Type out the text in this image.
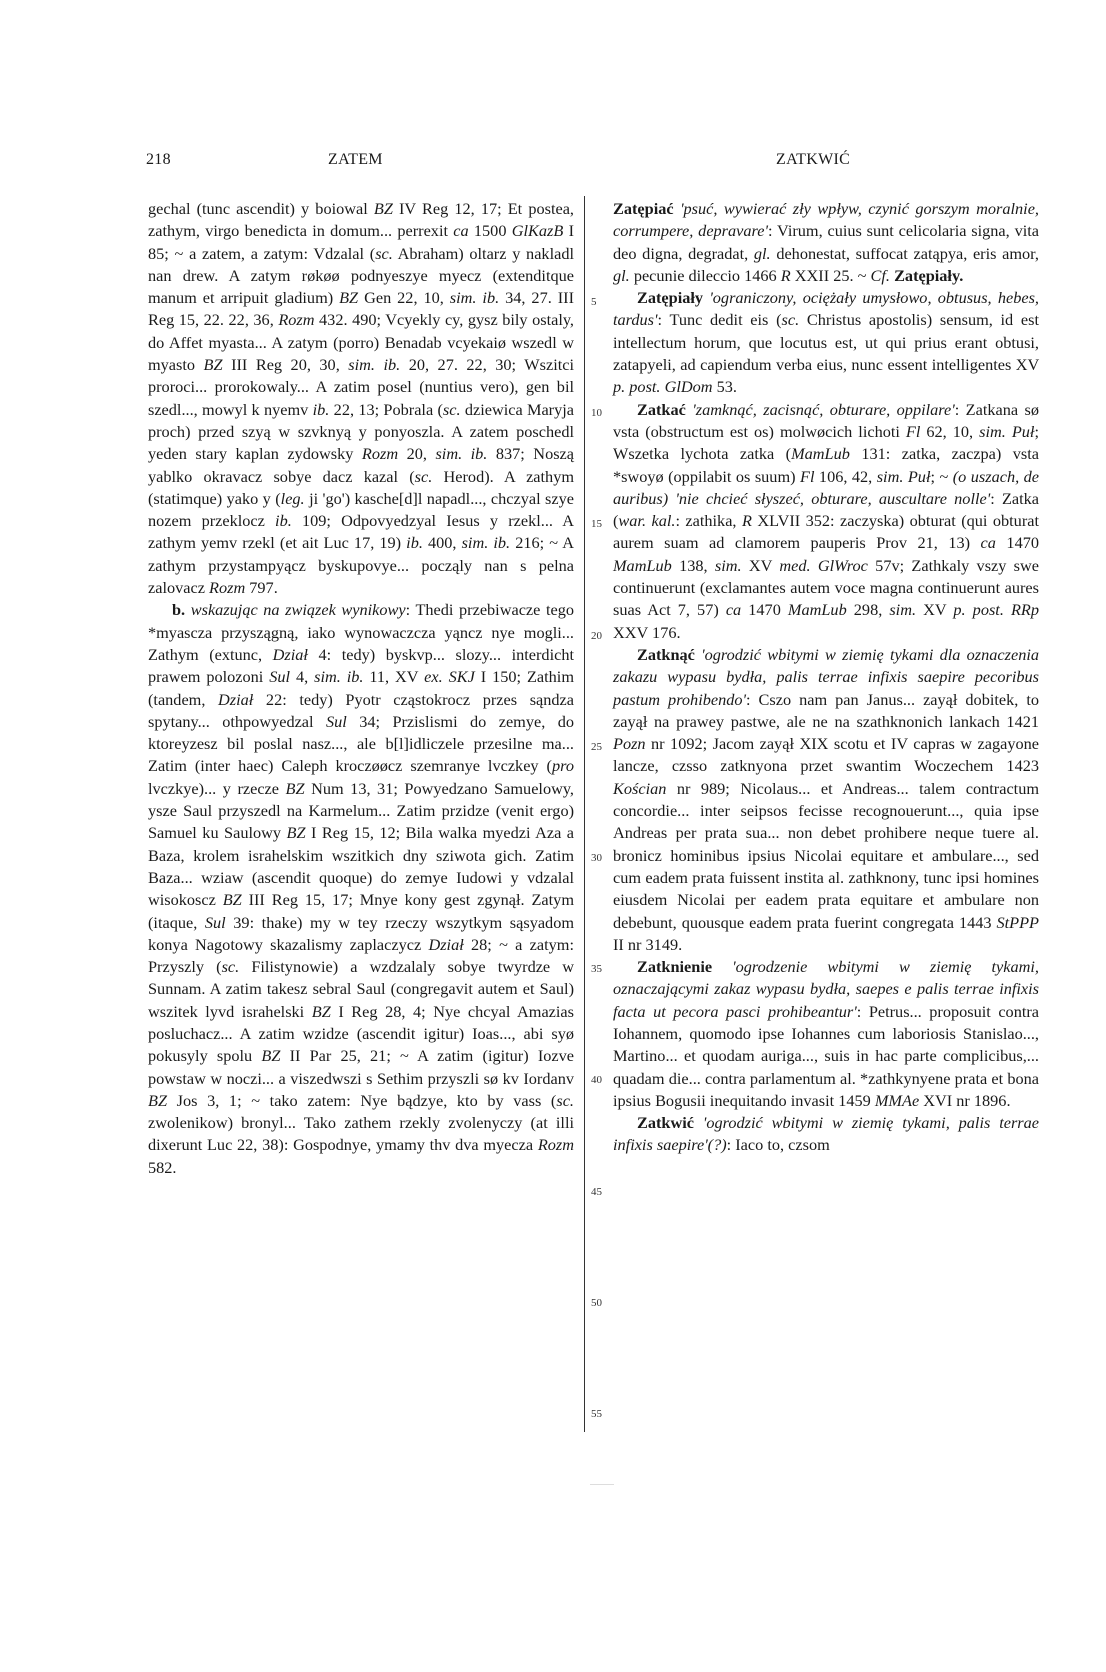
218	ZATEM	ZATKWIĆ
5
10
15
20
25
30
35
40
45
50
55

gechal (tunc ascendit) y boiowal BZ IV Reg 12, 17; Et postea, zathym, virgo benedicta in domum... perrexit ca 1500 GlKazB I 85; ~ a zatem, a zatym: Vdzalal (sc. Abraham) oltarz y nakladl nan drew. A zatym røkøø podnyeszye myecz (extenditque manum et arripuit gladium) BZ Gen 22, 10, sim. ib. 34, 27. III Reg 15, 22. 22, 36, Rozm 432. 490; Vcyekly cy, gysz bily ostaly, do Affet myasta... A zatym (porro) Benadab vcyekaiø wszedl w myasto BZ III Reg 20, 30, sim. ib. 20, 27. 22, 30; Wszitci proroci... prorokowaly... A zatim posel (nuntius vero), gen bil szedl..., mowyl k nyemv ib. 22, 13; Pobrala (sc. dziewica Maryja proch) przed szyą w szvknyą y ponyoszla. A zatem poschedl yeden stary kaplan zydowsky Rozm 20, sim. ib. 837; Noszą yablko okravacz sobye dacz kazal (sc. Herod). A zathym (statimque) yako y (leg. ji 'go') kasche[d]l napadl..., chczyal szye nozem przeklocz ib. 109; Odpovyedzyal Iesus y rzekl... A zathym yemv rzekl (et ait Luc 17, 19) ib. 400, sim. ib. 216; ~ A zathym przystampyącz byskupovye... począly nan s pelna zalovacz Rozm 797.

b. wskazując na związek wynikowy: Thedi przebiwacze tego *myascza przyszągną, iako wynowaczcza yąncz nye mogli... Zathym (extunc, Dział 4: tedy) byskvp... slozy... interdicht prawem polozoni Sul 4, sim. ib. 11, XV ex. SKJ I 150; Zathim (tandem, Dział 22: tedy) Pyotr cząstokrocz przes sąndza spytany... othpowyedzal Sul 34; Przislismi do zemye, do ktoreyzesz bil poslal nasz..., ale b[l]idliczele przesilne ma... Zatim (inter haec) Caleph kroczøøcz szemranye lvczkey (pro lvczkye)... y rzecze BZ Num 13, 31; Powyedzano Samuelowy, ysze Saul przyszedl na Karmelum... Zatim przidze (venit ergo) Samuel ku Saulowy BZ I Reg 15, 12; Bila walka myedzi Aza a Baza, krolem israhelskim wszitkich dny sziwota gich. Zatim Baza... wziaw (ascendit quoque) do zemye Iudowi y vdzalal wisokoscz BZ III Reg 15, 17; Mnye kony gest zgynął. Zatym (itaque, Sul 39: thake) my w tey rzeczy wszytkym sąsyadom konya Nagotowy skazalismy zaplaczycz Dział 28; ~ a zatym: Przyszly (sc. Filistynowie) a wzdzalaly sobye twyrdze w Sunnam. A zatim takesz sebral Saul (congregavit autem et Saul) wszitek lyvd israhelski BZ I Reg 28, 4; Nye chcyal Amazias posluchacz... A zatim wzidze (ascendit igitur) Ioas..., abi syø pokusyly spolu BZ II Par 25, 21; ~ A zatim (igitur) Iozve powstaw w noczi... a viszedwszi s Sethim przyszli sø kv Iordanv BZ Jos 3, 1; ~ tako zatem: Nye bądzye, kto by vass (sc. zwolenikow) bronyl... Tako zathem rzekly zvolenyczy (at illi dixerunt Luc 22, 38): Gospodnye, ymamy thv dva myecza Rozm 582.

Zatępiać 'psuć, wywierać zły wpływ, czynić gorszym moralnie, corrumpere, depravare': Virum, cuius sunt celicolaria signa, vita deo digna, degradat, gl. dehonestat, suffocat zatąpya, eris amor, gl. pecunie dileccio 1466 R XXII 25. ~ Cf. Zatępiały.

Zatępiały 'ograniczony, ociężały umysłowo, obtusus, hebes, tardus': Tunc dedit eis (sc. Christus apostolis) sensum, id est intellectum horum, que locutus est, ut qui prius erant obtusi, zatapyeli, ad capiendum verba eius, nunc essent intelligentes XV p. post. GlDom 53.

Zatkać 'zamknąć, zacisnąć, obturare, oppilare': Zatkana sø vsta (obstructum est os) molwøcich lichoti Fl 62, 10, sim. Puł; Wszetka lychota zatka (MamLub 131: zatka, zaczpa) vsta *swoyø (oppilabit os suum) Fl 106, 42, sim. Puł; ~ (o uszach, de auribus) 'nie chcieć słyszeć, obturare, auscultare nolle': Zatka (war. kal.: zathika, R XLVII 352: zaczyska) obturat (qui obturat aurem suam ad clamorem pauperis Prov 21, 13) ca 1470 MamLub 138, sim. XV med. GlWroc 57v; Zathkaly vszy swe continuerunt (exclamantes autem voce magna continuerunt aures suas Act 7, 57) ca 1470 MamLub 298, sim. XV p. post. RRp XXV 176.

Zatknąć 'ogrodzić wbitymi w ziemię tykami dla oznaczenia zakazu wypasu bydła, palis terrae infixis saepire pecoribus pastum prohibendo': Cszo nam pan Janus... zayął dobitek, to zayął na prawey pastwe, ale ne na szathknonich lankach 1421 Pozn nr 1092; Jacom zayął XIX scotu et IV capras w zagayone lancze, czsso zatknyona przet swantim Woczechem 1423 Kościan nr 989; Nicolaus... et Andreas... talem contractum concordie... inter seipsos fecisse recognouerunt..., quia ipse Andreas per prata sua... non debet prohibere neque tuere al. bronicz hominibus ipsius Nicolai equitare et ambulare..., sed cum eadem prata fuissent instita al. zathknony, tunc ipsi homines eiusdem Nicolai per eadem prata equitare et ambulare non debebunt, quousque eadem prata fuerint congregata 1443 StPPP II nr 3149.

Zatknienie 'ogrodzenie wbitymi w ziemię tykami, oznaczającymi zakaz wypasu bydła, saepes e palis terrae infixis facta ut pecora pasci prohibeantur': Petrus... proposuit contra Iohannem, quomodo ipse Iohannes cum laboriosis Stanislao..., Martino... et quodam auriga..., suis in hac parte complicibus,... quadam die... contra parlamentum al. *zathkynyene prata et bona ipsius Bogusii inequitando invasit 1459 MMAe XVI nr 1896.

Zatkwić 'ogrodzić wbitymi w ziemię tykami, palis terrae infixis saepire'(?): Iaco to, czsom
